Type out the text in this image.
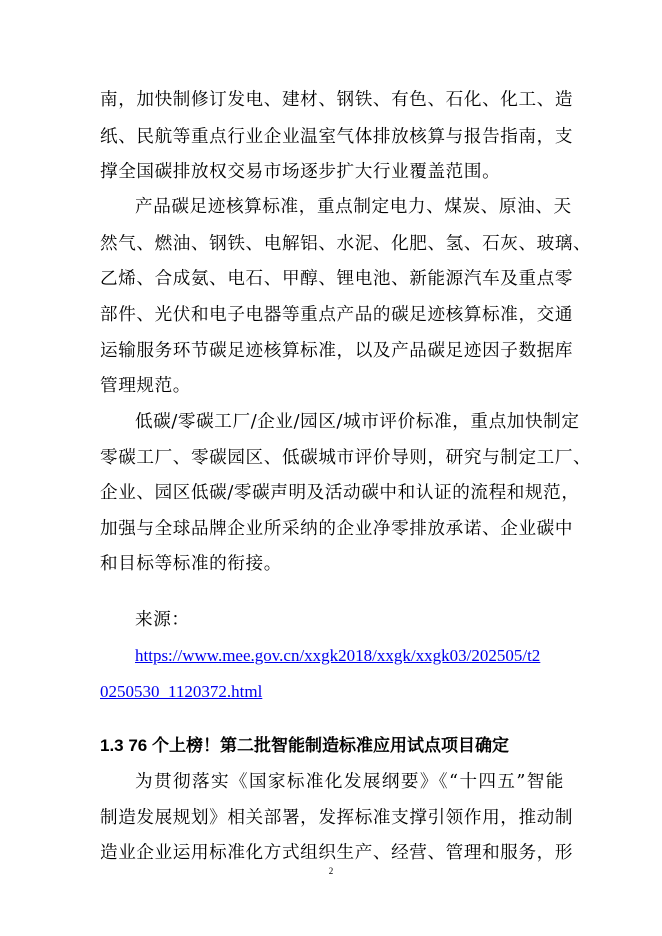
南，加快制修订发电、建材、钢铁、有色、石化、化工、造
纸、民航等重点行业企业温室气体排放核算与报告指南，支
撑全国碳排放权交易市场逐步扩大行业覆盖范围。
产品碳足迹核算标准，重点制定电力、煤炭、原油、天
然气、燃油、钢铁、电解铝、水泥、化肥、氢、石灰、玻璃、
乙烯、合成氨、电石、甲醇、锂电池、新能源汽车及重点零
部件、光伏和电子电器等重点产品的碳足迹核算标准，交通
运输服务环节碳足迹核算标准，以及产品碳足迹因子数据库
管理规范。
低碳/零碳工厂/企业/园区/城市评价标准，重点加快制定
零碳工厂、零碳园区、低碳城市评价导则，研究与制定工厂、
企业、园区低碳/零碳声明及活动碳中和认证的流程和规范，
加强与全球品牌企业所采纳的企业净零排放承诺、企业碳中
和目标等标准的衔接。
来源：
https://www.mee.gov.cn/xxgk2018/xxgk/xxgk03/202505/t2
0250530_1120372.html
1.3 76 个上榜！第二批智能制造标准应用试点项目确定
为贯彻落实《国家标准化发展纲要》《“十四五”智能
制造发展规划》相关部署，发挥标准支撑引领作用，推动制
造业企业运用标准化方式组织生产、经营、管理和服务，形
2
